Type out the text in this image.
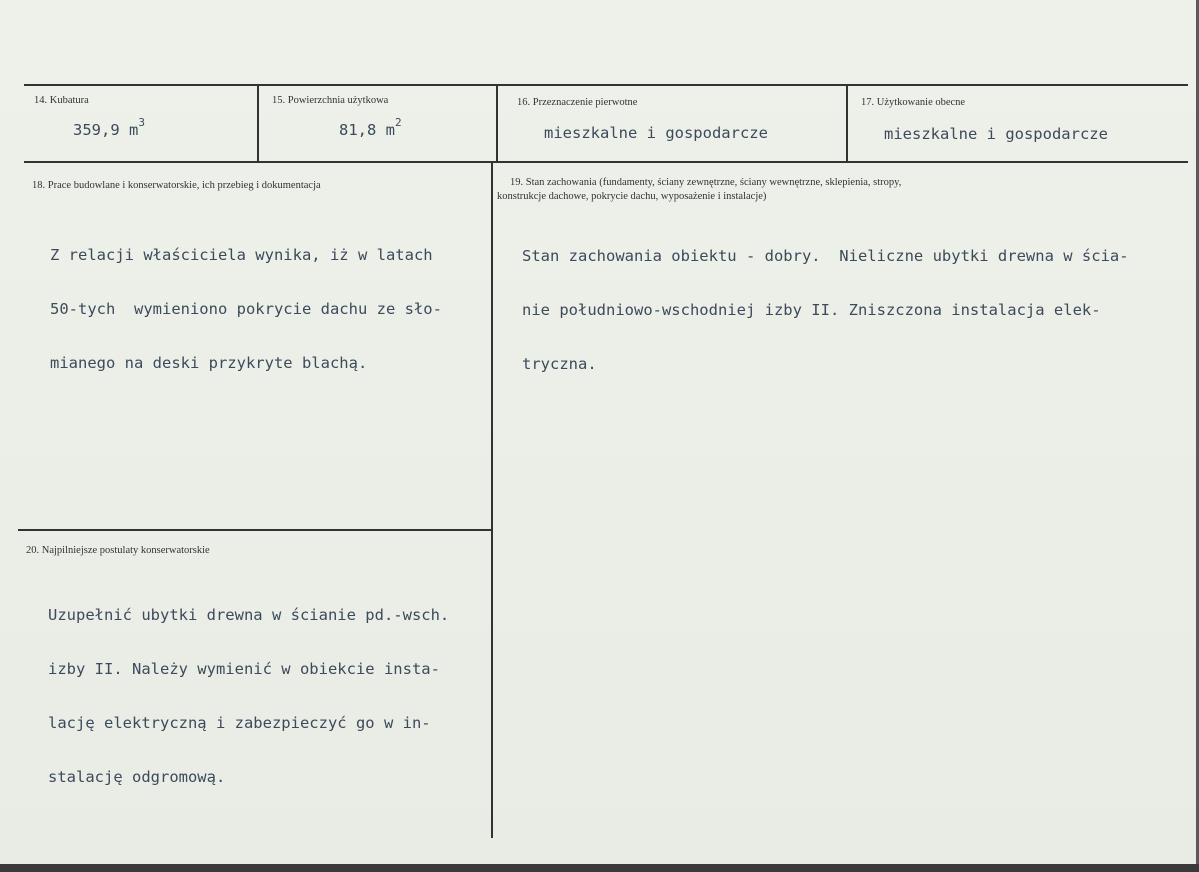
14. Kubatura
359,9 $m^3$
15. Powierzchnia użytkowa
81,8 $m^2$
16. Przeznaczenie pierwotne
mieszkalne i gospodarcze
17. Użytkowanie obecne
mieszkalne i gospodarcze
18. Prace budowlane i konserwatorskie, ich przebieg i dokumentacja

Z relacji właściciela wynika, iż w latach

50-tych  wymieniono pokrycie dachu ze sło-

mianego na deski przykryte blachą.

19. Stan zachowania (fundamenty, ściany zewnętrzne, ściany wewnętrzne, sklepienia, stropy,
konstrukcje dachowe, pokrycie dachu, wyposażenie i instalacje)

Stan zachowania obiektu - dobry.  Nieliczne ubytki drewna w ścia-

nie południowo-wschodniej izby II. Zniszczona instalacja elek-

tryczna.

20. Najpilniejsze postulaty konserwatorskie

Uzupełnić ubytki drewna w ścianie pd.-wsch.

izby II. Należy wymienić w obiekcie insta-

lację elektryczną i zabezpieczyć go w in-

stalację odgromową.
